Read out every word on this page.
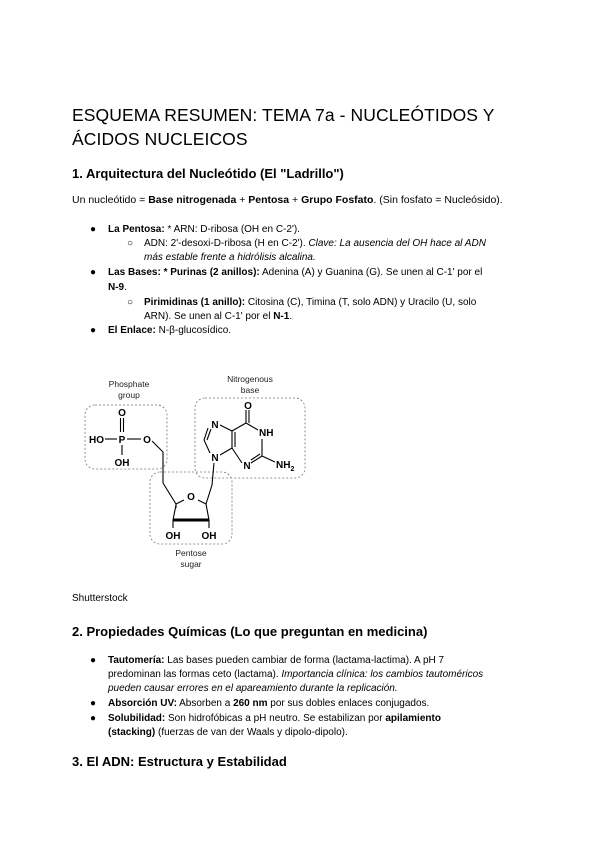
ESQUEMA RESUMEN: TEMA 7a - NUCLEÓTIDOS Y ÁCIDOS NUCLEICOS
1. Arquitectura del Nucleótido (El "Ladrillo")

Un nucleótido = Base nitrogenada + Pentosa + Grupo Fosfato. (Sin fosfato = Nucleósido).

● La Pentosa: * ARN: D-ribosa (OH en C-2').
○ ADN: 2'-desoxi-D-ribosa (H en C-2'). Clave: La ausencia del OH hace al ADN
más estable frente a hidrólisis alcalina.
● Las Bases: * Purinas (2 anillos): Adenina (A) y Guanina (G). Se unen al C-1' por el
N-9.
○ Pirimidinas (1 anillo): Citosina (C), Timina (T, solo ADN) y Uracilo (U, solo
ARN). Se unen al C-1' por el N-1.
● El Enlace: N-β-glucosídico.
Phosphate
group
Nitrogenous
base
Pentose
sugar
HO P
O
OH
O
O
OH OH
N
N
O
NH
N	$NH_2$
Shutterstock
2. Propiedades Químicas (Lo que preguntan en medicina)
● Tautomería: Las bases pueden cambiar de forma (lactama-lactima). A pH 7
predominan las formas ceto (lactama). Importancia clínica: los cambios tautoméricos
pueden causar errores en el apareamiento durante la replicación.
● Absorción UV: Absorben a 260 nm por sus dobles enlaces conjugados.
● Solubilidad: Son hidrofóbicas a pH neutro. Se estabilizan por apilamiento
(stacking) (fuerzas de van der Waals y dipolo-dipolo).
3. El ADN: Estructura y Estabilidad
